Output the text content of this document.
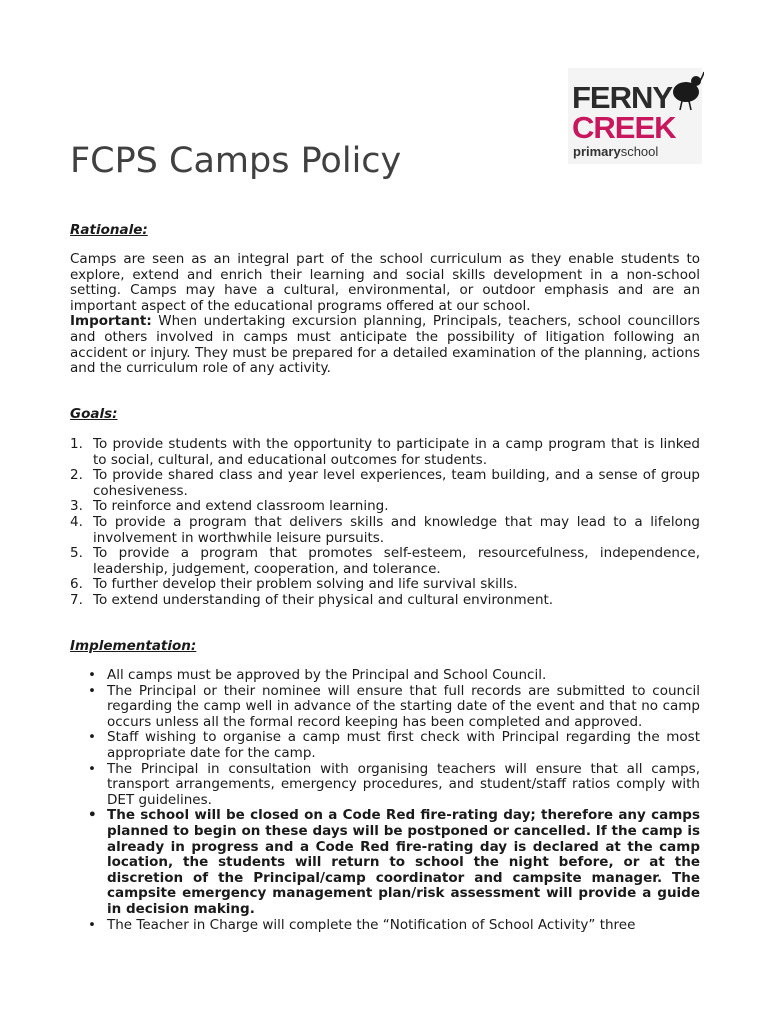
FERNY
CREEK
primaryschool
FCPS Camps Policy
Rationale:

Camps are seen as an integral part of the school curriculum as they enable students to explore, extend and enrich their learning and social skills development in a non-school setting. Camps may have a cultural, environmental, or outdoor emphasis and are an important aspect of the educational programs offered at our school.
Important: When undertaking excursion planning, Principals, teachers, school councillors and others involved in camps must anticipate the possibility of litigation following an accident or injury. They must be prepared for a detailed examination of the planning, actions and the curriculum role of any activity.

Goals:
1. To provide students with the opportunity to participate in a camp program that is linked to social, cultural, and educational outcomes for students.
2. To provide shared class and year level experiences, team building, and a sense of group cohesiveness.
3. To reinforce and extend classroom learning.
4. To provide a program that delivers skills and knowledge that may lead to a lifelong involvement in worthwhile leisure pursuits.
5. To provide a program that promotes self-esteem, resourcefulness, independence, leadership, judgement, cooperation, and tolerance.
6. To further develop their problem solving and life survival skills.
7. To extend understanding of their physical and cultural environment.
Implementation:
• All camps must be approved by the Principal and School Council.
• The Principal or their nominee will ensure that full records are submitted to council regarding the camp well in advance of the starting date of the event and that no camp occurs unless all the formal record keeping has been completed and approved.
• Staff wishing to organise a camp must first check with Principal regarding the most appropriate date for the camp.
• The Principal in consultation with organising teachers will ensure that all camps, transport arrangements, emergency procedures, and student/staff ratios comply with DET guidelines.
• The school will be closed on a Code Red fire-rating day; therefore any camps planned to begin on these days will be postponed or cancelled. If the camp is already in progress and a Code Red fire-rating day is declared at the camp location, the students will return to school the night before, or at the discretion of the Principal/camp coordinator and campsite manager. The campsite emergency management plan/risk assessment will provide a guide in decision making.
• The Teacher in Charge will complete the “Notification of School Activity” three
